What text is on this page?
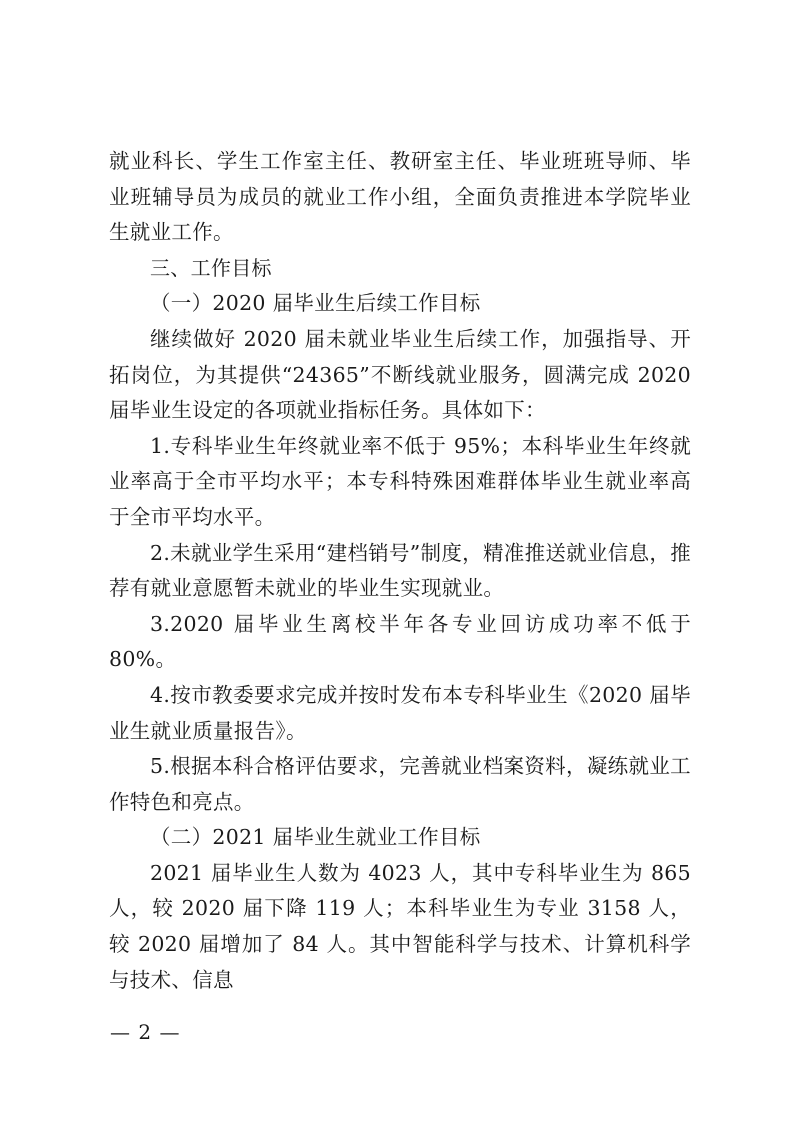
就业科长、学生工作室主任、教研室主任、毕业班班导师、毕业班辅导员为成员的就业工作小组，全面负责推进本学院毕业生就业工作。

三、工作目标

（一）2020 届毕业生后续工作目标

继续做好 2020 届未就业毕业生后续工作，加强指导、开拓岗位，为其提供“24365”不断线就业服务，圆满完成 2020 届毕业生设定的各项就业指标任务。具体如下：

1.专科毕业生年终就业率不低于 95%；本科毕业生年终就业率高于全市平均水平；本专科特殊困难群体毕业生就业率高于全市平均水平。

2.未就业学生采用“建档销号”制度，精准推送就业信息，推荐有就业意愿暂未就业的毕业生实现就业。

3.2020 届毕业生离校半年各专业回访成功率不低于 80%。

4.按市教委要求完成并按时发布本专科毕业生《2020 届毕业生就业质量报告》。

5.根据本科合格评估要求，完善就业档案资料，凝练就业工作特色和亮点。

（二）2021 届毕业生就业工作目标

2021 届毕业生人数为 4023 人，其中专科毕业生为 865 人，较 2020 届下降 119 人；本科毕业生为专业 3158 人，较 2020 届增加了 84 人。其中智能科学与技术、计算机科学与技术、信息

— 2 —
